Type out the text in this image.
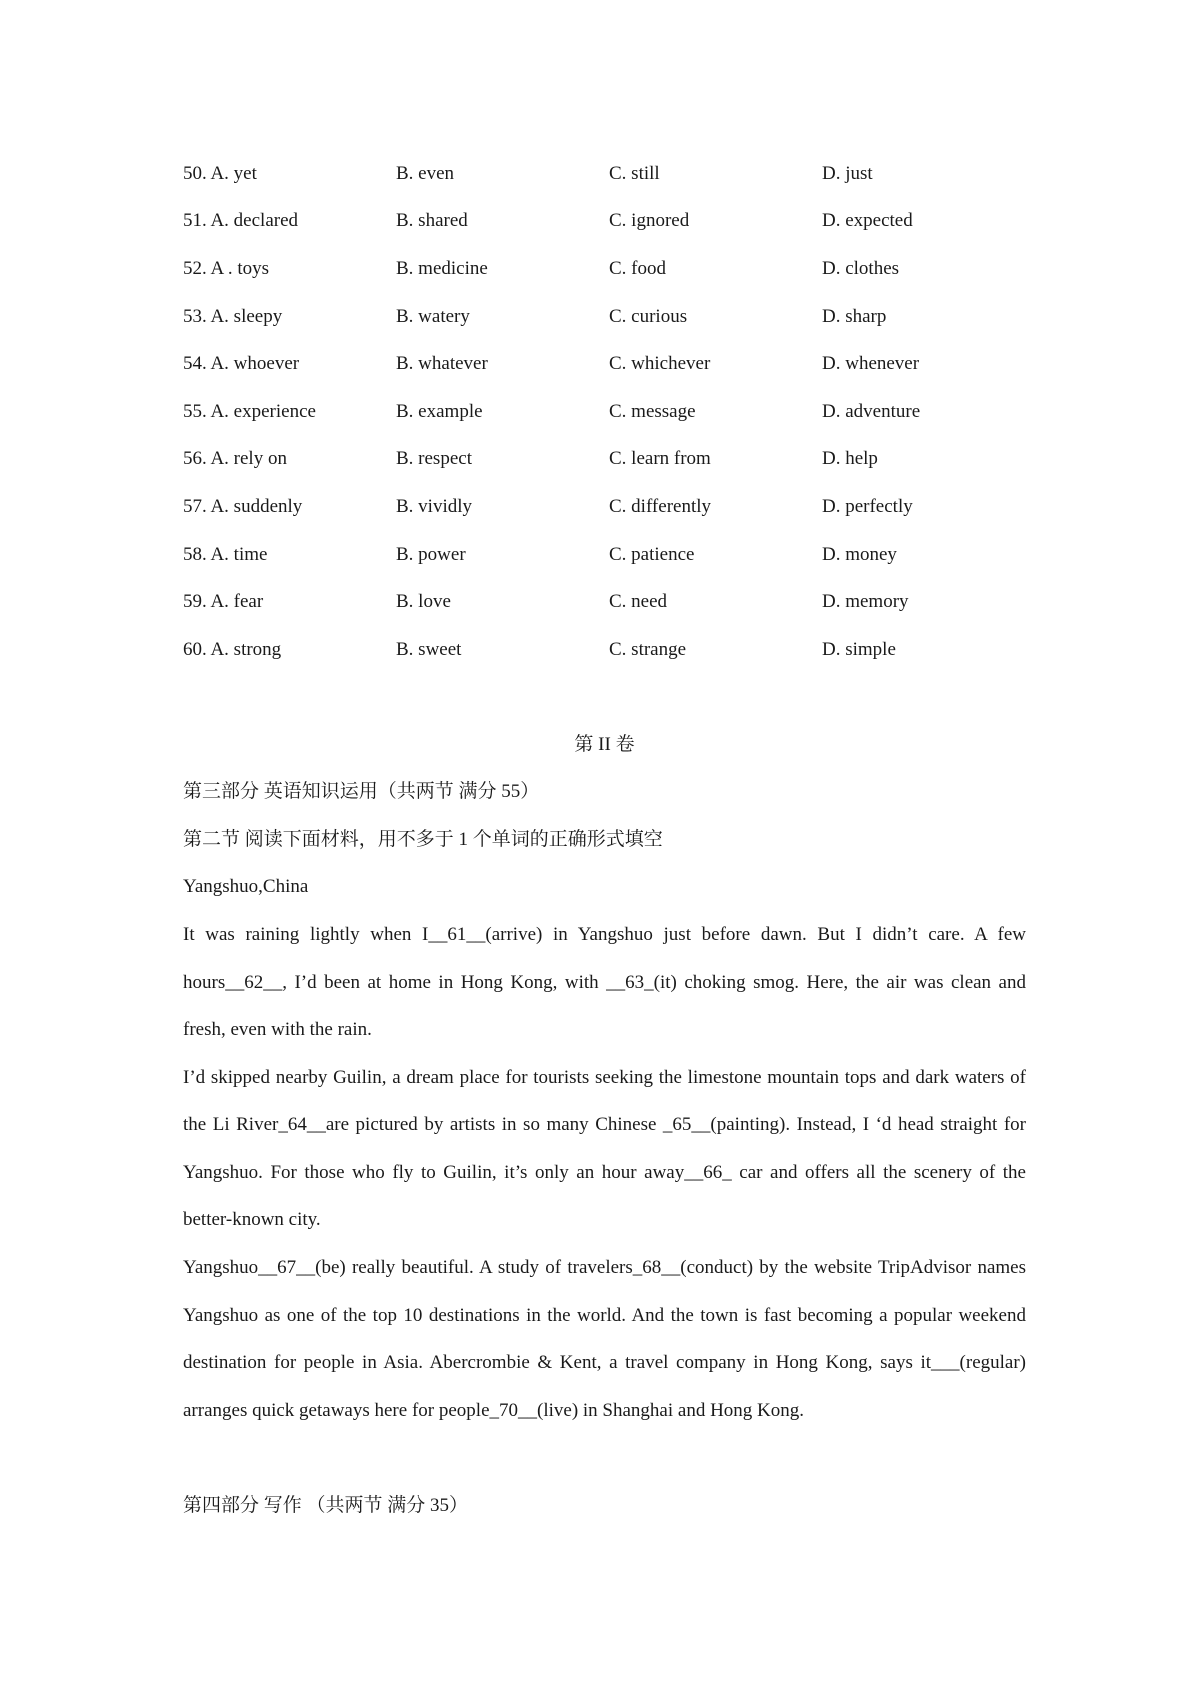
50. A. yet	B. even	C. still	D. just
51. A. declared	B. shared	C. ignored	D. expected
52. A . toys	B. medicine	C. food	D. clothes
53. A. sleepy	B. watery	C. curious	D. sharp
54. A. whoever	B. whatever	C. whichever	D. whenever
55. A. experience	B. example	C. message	D. adventure
56. A. rely on	B. respect	C. learn from	D. help
57. A. suddenly	B. vividly	C. differently	D. perfectly
58. A. time	B. power	C. patience	D. money
59. A. fear	B. love	C. need	D. memory
60. A. strong	B. sweet	C. strange	D. simple
第 II 卷
第三部分 英语知识运用（共两节 满分 55）
第二节 阅读下面材料，用不多于 1 个单词的正确形式填空
Yangshuo,China

It was raining lightly when I__61__(arrive) in Yangshuo just before dawn. But I didn’t care. A few hours__62__, I’d been at home in Hong Kong, with __63_(it) choking smog. Here, the air was clean and fresh, even with the rain.

I’d skipped nearby Guilin, a dream place for tourists seeking the limestone mountain tops and dark waters of the Li River_64__are pictured by artists in so many Chinese _65__(painting). Instead, I ‘d head straight for Yangshuo. For those who fly to Guilin, it’s only an hour away__66_ car and offers all the scenery of the better-known city.

Yangshuo__67__(be) really beautiful. A study of travelers_68__(conduct) by the website TripAdvisor names Yangshuo as one of the top 10 destinations in the world. And the town is fast becoming a popular weekend destination for people in Asia. Abercrombie & Kent, a travel company in Hong Kong, says it___(regular) arranges quick getaways here for people_70__(live) in Shanghai and Hong Kong.

第四部分 写作 （共两节 满分 35）
